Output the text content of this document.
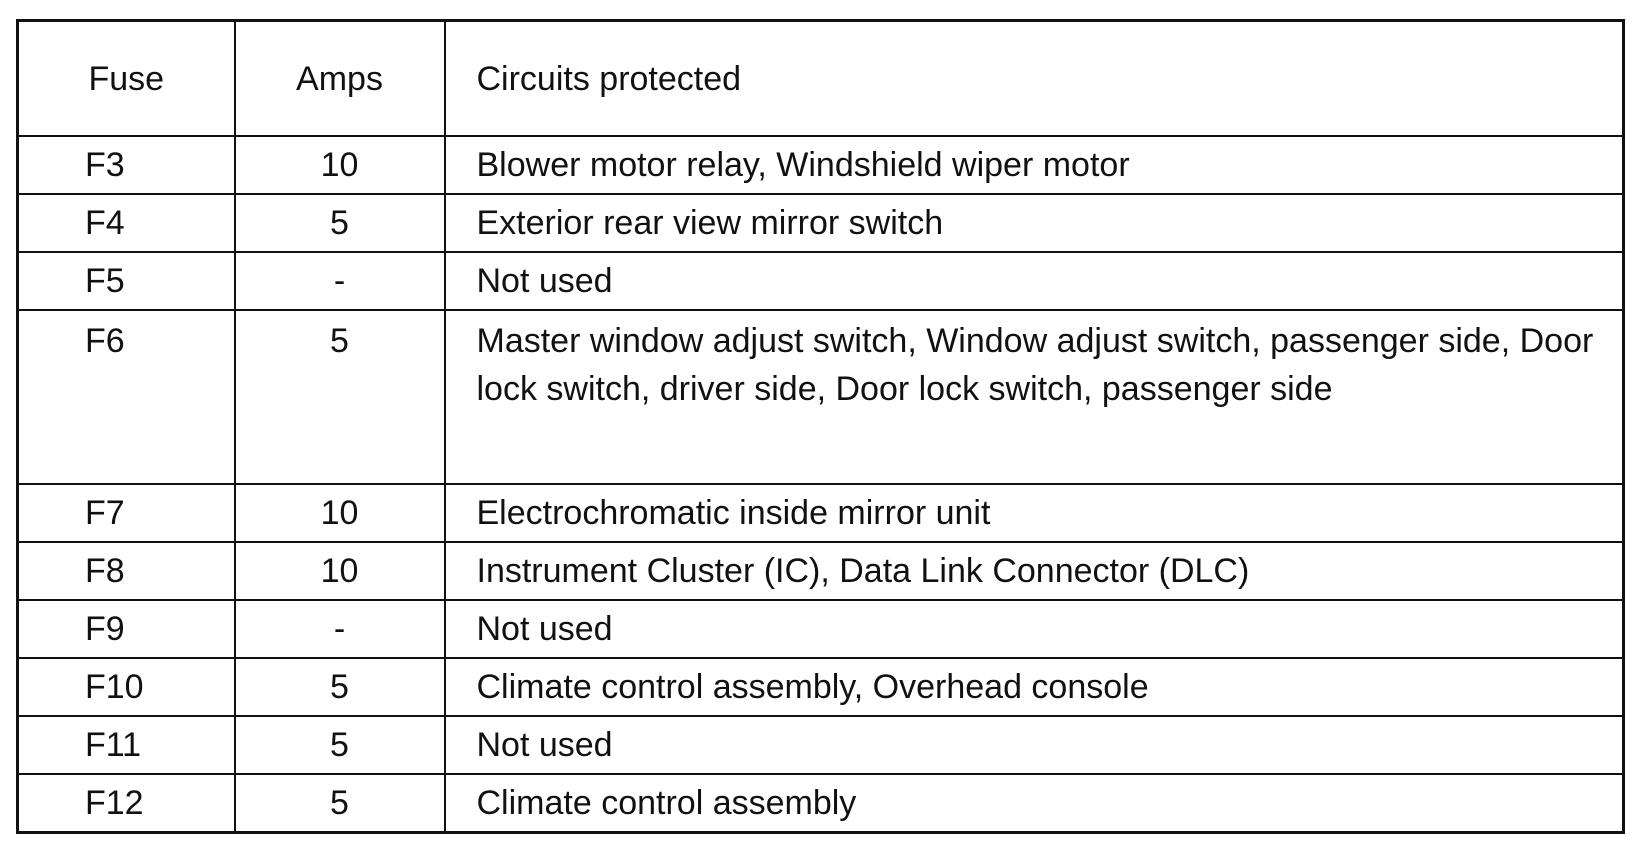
Fuse	Amps	Circuits protected
F3	10	Blower motor relay, Windshield wiper motor
F4	5	Exterior rear view mirror switch
F5	-	Not used
F6	5	Master window adjust switch, Window adjust switch, passenger side, Door lock switch, driver side, Door lock switch, passenger side
F7	10	Electrochromatic inside mirror unit
F8	10	Instrument Cluster (IC), Data Link Connector (DLC)
F9	-	Not used
F10	5	Climate control assembly, Overhead console
F11	5	Not used
F12	5	Climate control assembly
